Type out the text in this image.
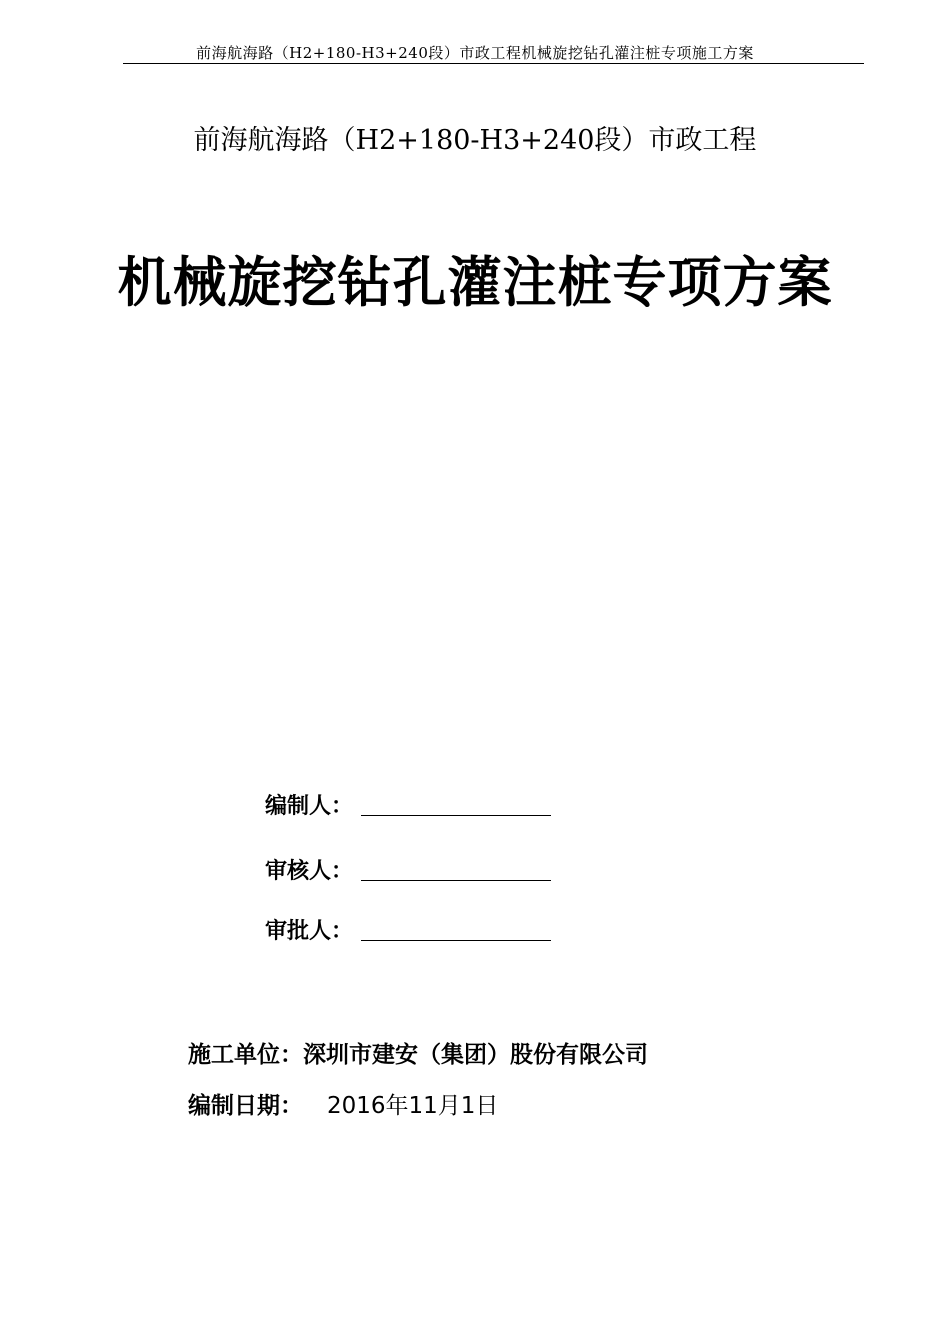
前海航海路（H2+180-H3+240段）市政工程机械旋挖钻孔灌注桩专项施工方案
前海航海路（H2+180-H3+240段）市政工程
机械旋挖钻孔灌注桩专项方案
编制人：
审核人：
审批人：
施工单位：深圳市建安（集团）股份有限公司
编制日期： 2016年11月1日
